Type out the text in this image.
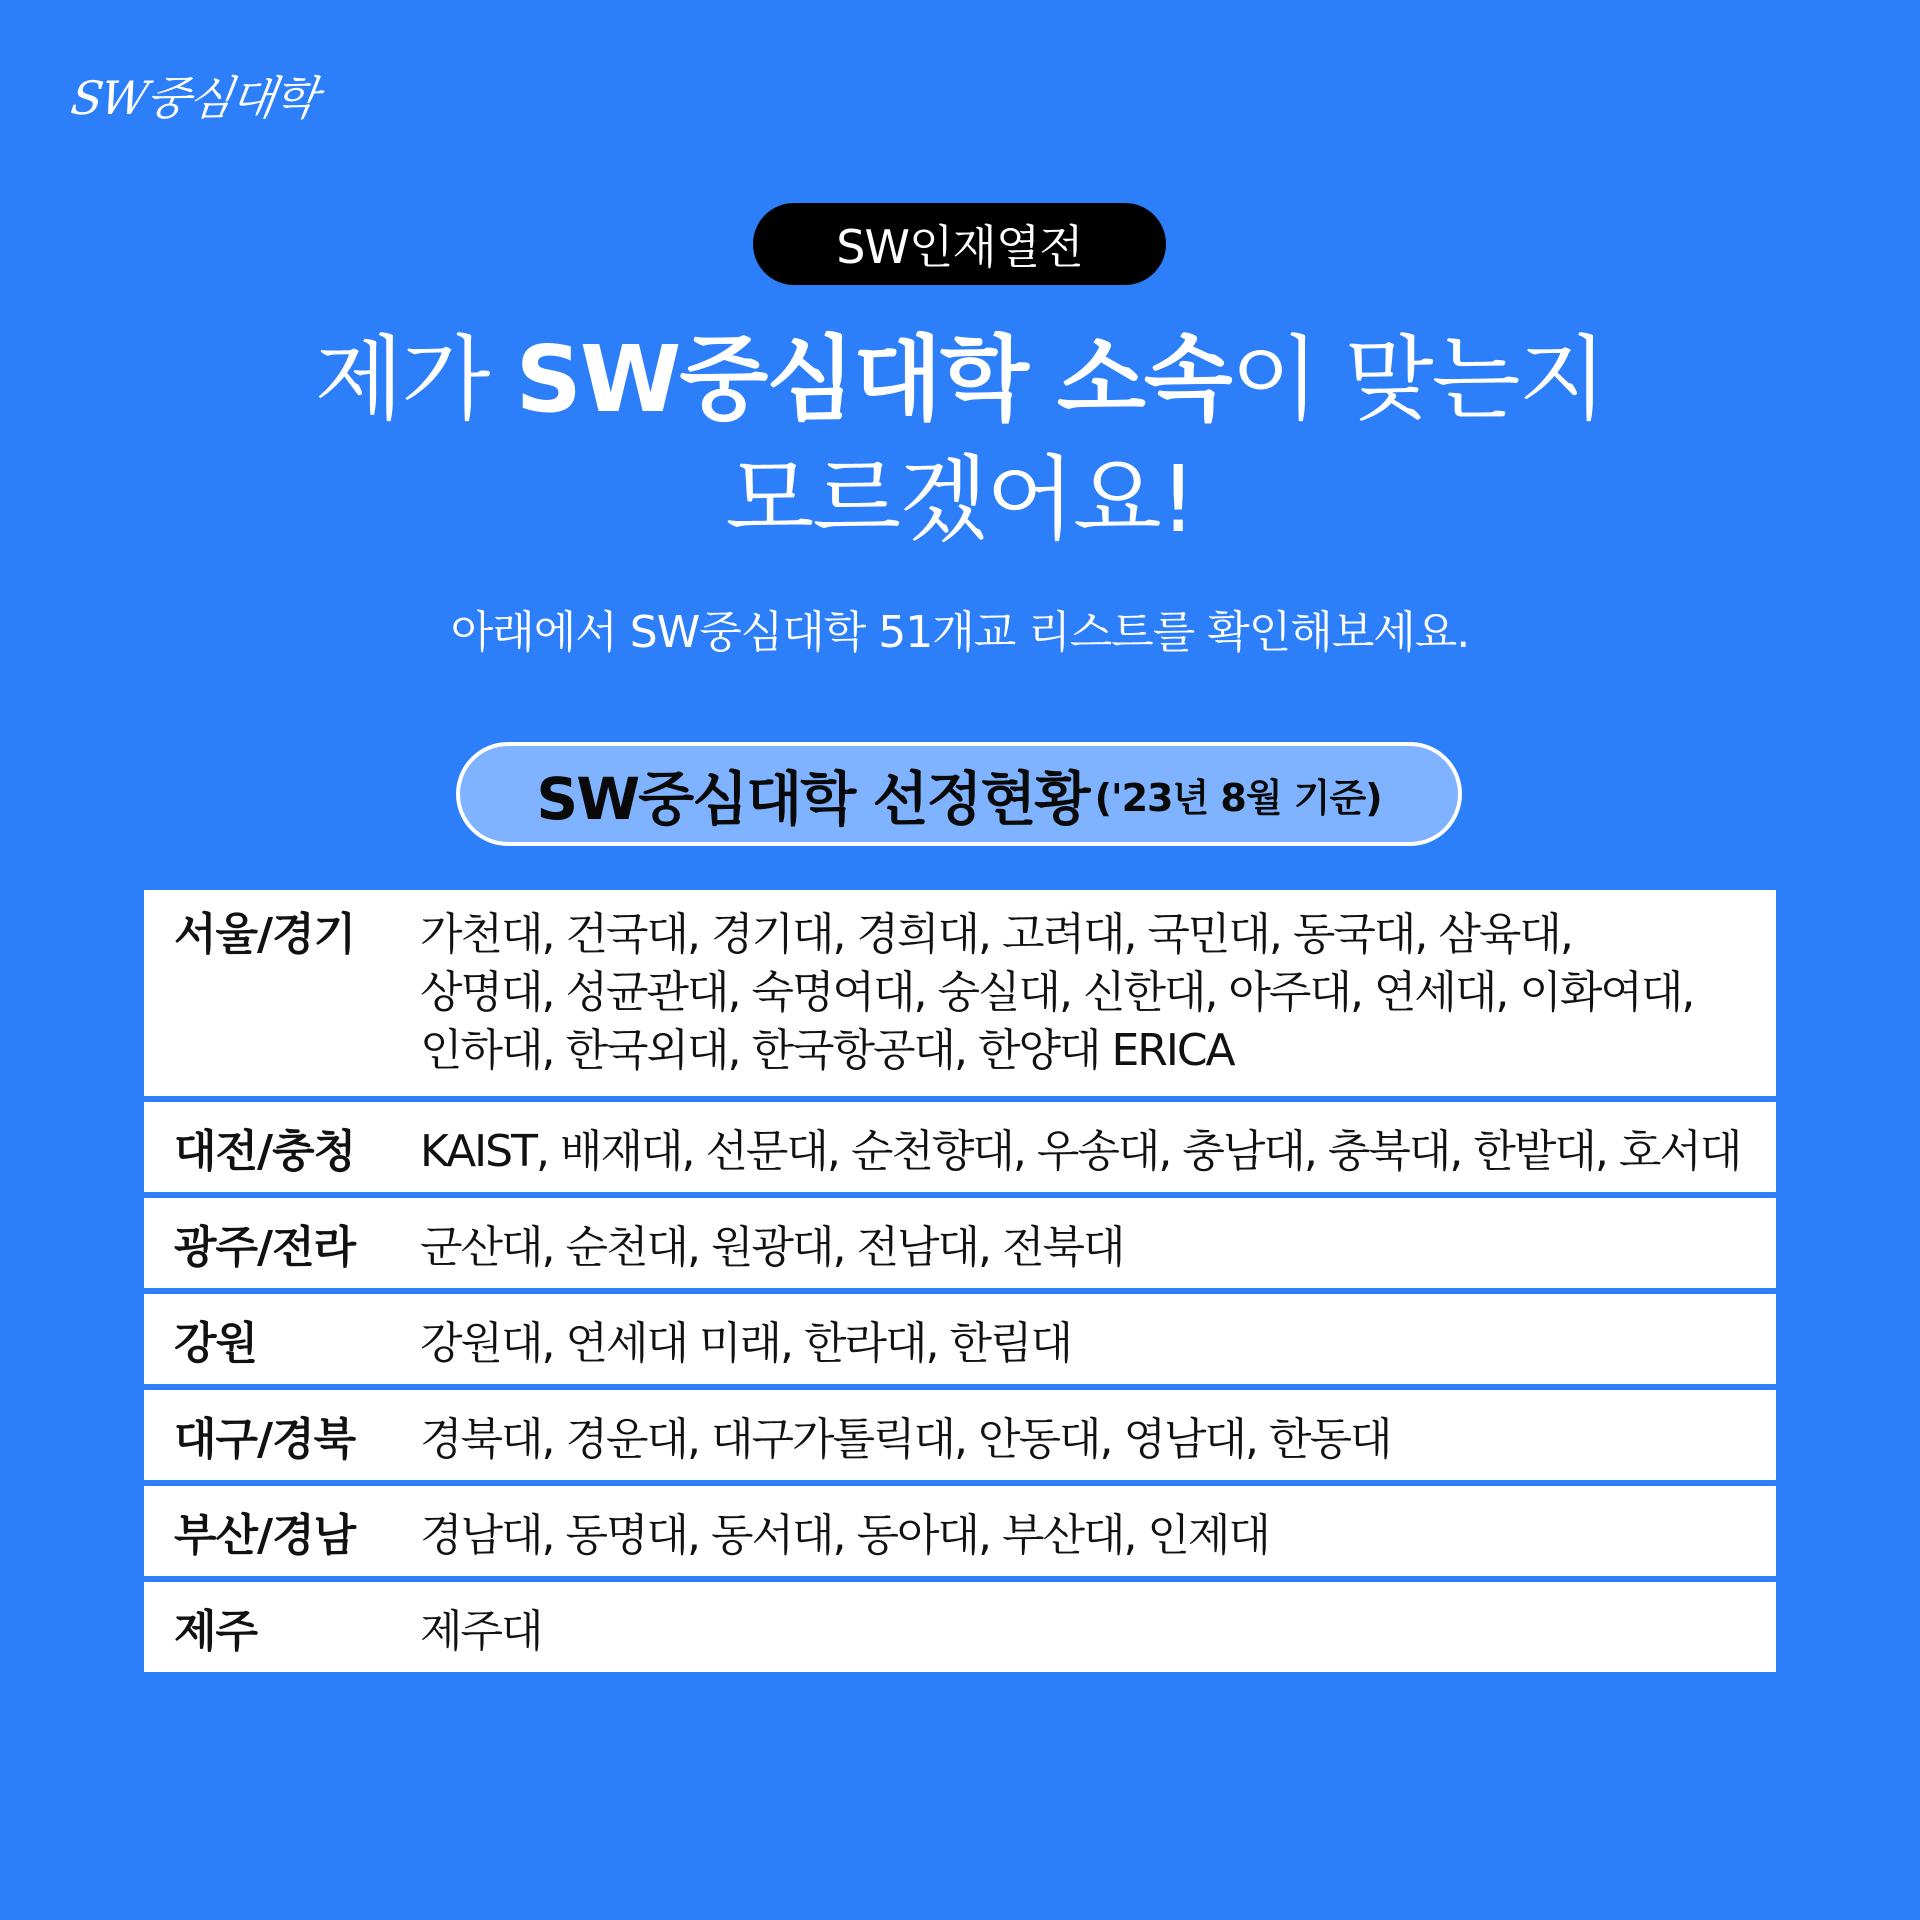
SW중심대학
SW인재열전
제가 SW중심대학 소속이 맞는지
모르겠어요!
아래에서 SW중심대학 51개교 리스트를 확인해보세요.
SW중심대학 선정현황 ('23년 8월 기준)
서울/경기	가천대, 건국대, 경기대, 경희대, 고려대, 국민대, 동국대, 삼육대,
상명대, 성균관대, 숙명여대, 숭실대, 신한대, 아주대, 연세대, 이화여대,
인하대, 한국외대, 한국항공대, 한양대 ERICA
대전/충청	KAIST, 배재대, 선문대, 순천향대, 우송대, 충남대, 충북대, 한밭대, 호서대
광주/전라	군산대, 순천대, 원광대, 전남대, 전북대
강원	강원대, 연세대 미래, 한라대, 한림대
대구/경북	경북대, 경운대, 대구가톨릭대, 안동대, 영남대, 한동대
부산/경남	경남대, 동명대, 동서대, 동아대, 부산대, 인제대
제주	제주대
